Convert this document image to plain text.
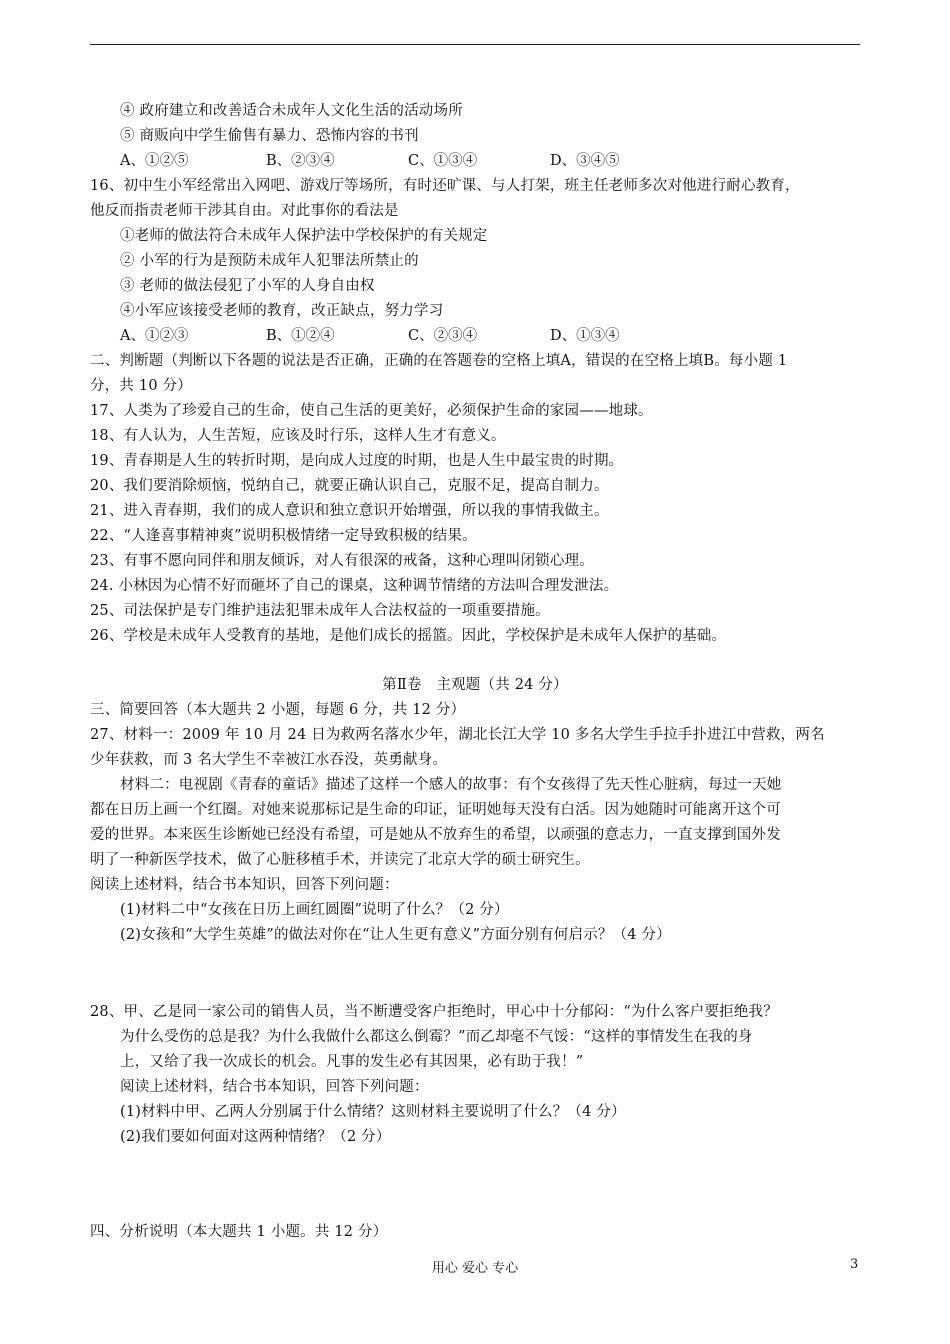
④ 政府建立和改善适合未成年人文化生活的活动场所
⑤ 商贩向中学生偷售有暴力、恐怖内容的书刊
A、①②⑤	B、②③④	C、①③④	D、③④⑤
16、初中生小军经常出入网吧、游戏厅等场所，有时还旷课、与人打架，班主任老师多次对他进行耐心教育，
他反而指责老师干涉其自由。对此事你的看法是
①老师的做法符合未成年人保护法中学校保护的有关规定
② 小军的行为是预防未成年人犯罪法所禁止的
③ 老师的做法侵犯了小军的人身自由权
④小军应该接受老师的教育，改正缺点，努力学习
A、①②③	B、①②④	C、②③④	D、①③④
二、判断题（判断以下各题的说法是否正确，正确的在答题卷的空格上填A，错误的在空格上填B。每小题 1
分，共 10 分）
17、人类为了珍爱自己的生命，使自己生活的更美好，必须保护生命的家园——地球。
18、有人认为，人生苦短，应该及时行乐，这样人生才有意义。
19、青春期是人生的转折时期，是向成人过度的时期，也是人生中最宝贵的时期。
20、我们要消除烦恼，悦纳自己，就要正确认识自己，克服不足，提高自制力。
21、进入青春期，我们的成人意识和独立意识开始增强，所以我的事情我做主。
22、“人逢喜事精神爽”说明积极情绪一定导致积极的结果。
23、有事不愿向同伴和朋友倾诉，对人有很深的戒备，这种心理叫闭锁心理。
24. 小林因为心情不好而砸坏了自己的课桌，这种调节情绪的方法叫合理发泄法。
25、司法保护是专门维护违法犯罪未成年人合法权益的一项重要措施。
26、学校是未成年人受教育的基地，是他们成长的摇篮。因此，学校保护是未成年人保护的基础。
第Ⅱ卷　主观题（共 24 分）
三、简要回答（本大题共 2 小题，每题 6 分，共 12 分）
27、材料一：2009 年 10 月 24 日为救两名落水少年，湖北长江大学 10 多名大学生手拉手扑进江中营救，两名
少年获救，而 3 名大学生不幸被江水吞没，英勇献身。
材料二：电视剧《青春的童话》描述了这样一个感人的故事：有个女孩得了先天性心脏病，每过一天她
都在日历上画一个红圈。对她来说那标记是生命的印证，证明她每天没有白活。因为她随时可能离开这个可
爱的世界。本来医生诊断她已经没有希望，可是她从不放弃生的希望，以顽强的意志力，一直支撑到国外发
明了一种新医学技术，做了心脏移植手术，并读完了北京大学的硕士研究生。
阅读上述材料，结合书本知识，回答下列问题：
(1)材料二中“女孩在日历上画红圆圈”说明了什么？（2 分）
(2)女孩和“大学生英雄”的做法对你在“让人生更有意义”方面分别有何启示？（4 分）
28、甲、乙是同一家公司的销售人员，当不断遭受客户拒绝时，甲心中十分郁闷：“为什么客户要拒绝我？
为什么受伤的总是我？为什么我做什么都这么倒霉？”而乙却毫不气馁：“这样的事情发生在我的身
上，又给了我一次成长的机会。凡事的发生必有其因果，必有助于我！”
阅读上述材料，结合书本知识，回答下列问题：
(1)材料中甲、乙两人分别属于什么情绪？这则材料主要说明了什么？（4 分）
(2)我们要如何面对这两种情绪？（2 分）
四、分析说明（本大题共 1 小题。共 12 分）
用心 爱心 专心	3
